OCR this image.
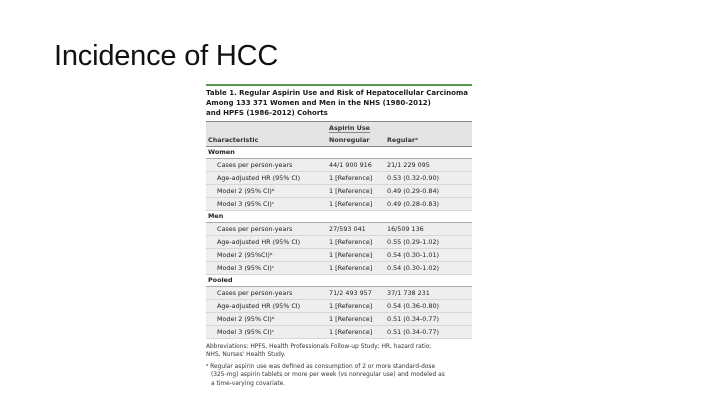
Incidence of HCC
Table 1. Regular Aspirin Use and Risk of Hepatocellular Carcinoma
Among 133 371 Women and Men in the NHS (1980-2012)
and HPFS (1986-2012) Cohorts
	Aspirin Use	
Characteristic	Nonregular	Regularᵃ
Women		
Cases per person-years	44/1 900 916	21/1 229 095
Age-adjusted HR (95% CI)	1 [Reference]	0.53 (0.32-0.90)
Model 2 (95% CI)ᵇ	1 [Reference]	0.49 (0.29-0.84)
Model 3 (95% CI)ᶜ	1 [Reference]	0.49 (0.28-0.83)
Men		
Cases per person-years	27/593 041	16/509 136
Age-adjusted HR (95% CI)	1 [Reference]	0.55 (0.29-1.02)
Model 2 (95%CI)ᵇ	1 [Reference]	0.54 (0.30-1.01)
Model 3 (95% CI)ᶜ	1 [Reference]	0.54 (0.30-1.02)
Pooled		
Cases per person-years	71/2 493 957	37/1 738 231
Age-adjusted HR (95% CI)	1 [Reference]	0.54 (0.36-0.80)
Model 2 (95% CI)ᵇ	1 [Reference]	0.51 (0.34-0.77)
Model 3 (95% CI)ᶜ	1 [Reference]	0.51 (0.34-0.77)
Abbreviations: HPFS, Health Professionals Follow-up Study; HR, hazard ratio;
NHS, Nurses' Health Study.
ᵃ Regular aspirin use was defined as consumption of 2 or more standard-dose
(325-mg) aspirin tablets or more per week (vs nonregular use) and modeled as
a time-varying covariate.
